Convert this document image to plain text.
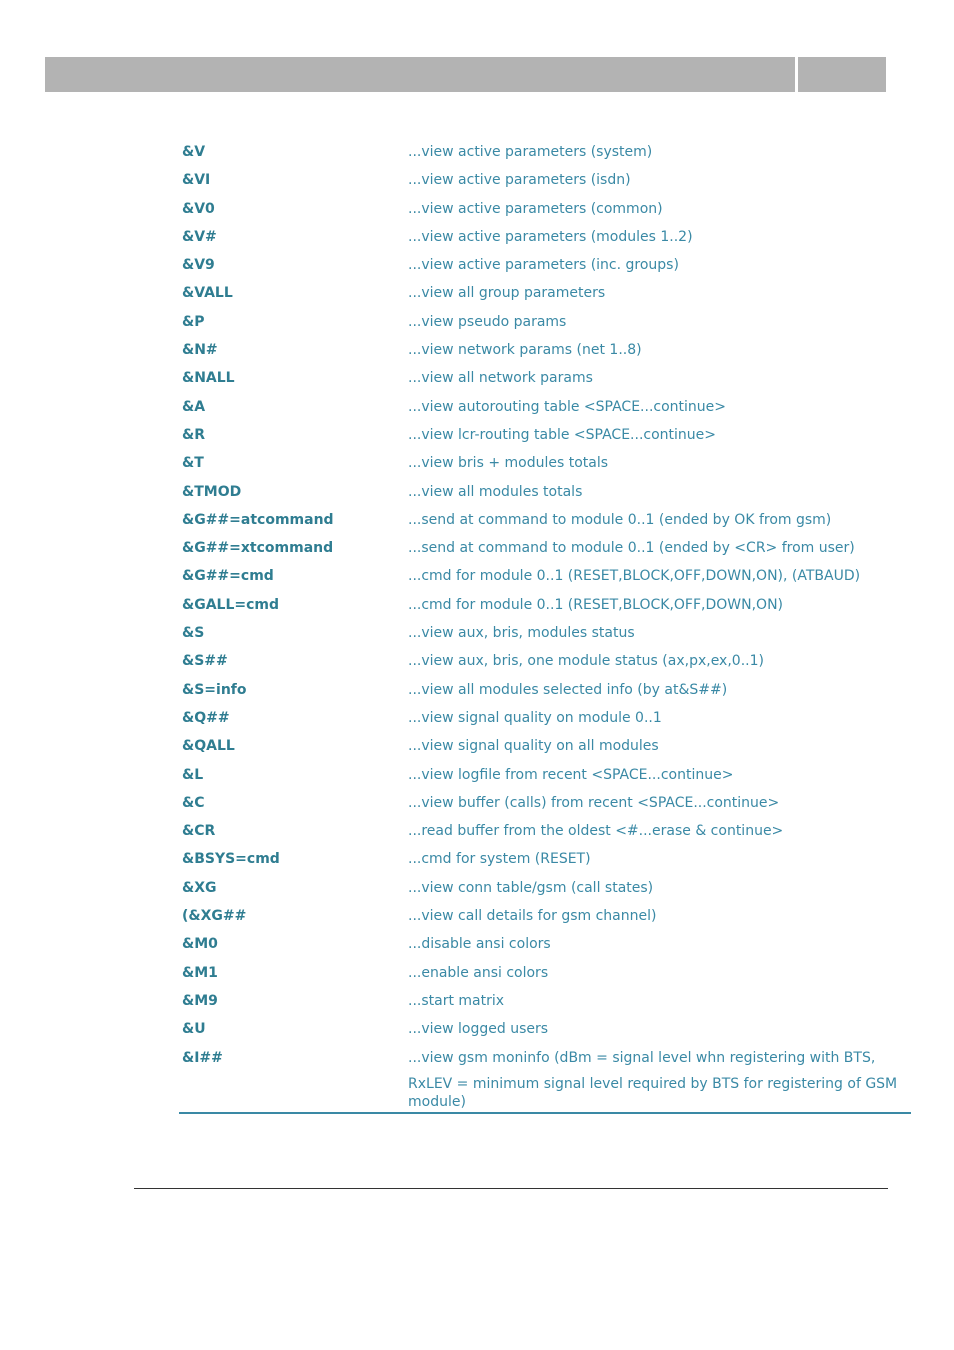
&V	...view active parameters (system)
&VI	...view active parameters (isdn)
&V0	...view active parameters (common)
&V#	...view active parameters (modules 1..2)
&V9	...view active parameters (inc. groups)
&VALL	...view all group parameters
&P	...view pseudo params
&N#	...view network params (net 1..8)
&NALL	...view all network params
&A	...view autorouting table <SPACE...continue>
&R	...view lcr-routing table <SPACE...continue>
&T	...view bris + modules totals
&TMOD	...view all modules totals
&G##=atcommand	...send at command to module 0..1 (ended by OK from gsm)
&G##=xtcommand	...send at command to module 0..1 (ended by <CR> from user)
&G##=cmd	...cmd for module 0..1 (RESET,BLOCK,OFF,DOWN,ON), (ATBAUD)
&GALL=cmd	...cmd for module 0..1 (RESET,BLOCK,OFF,DOWN,ON)
&S	...view aux, bris, modules status
&S##	...view aux, bris, one module status (ax,px,ex,0..1)
&S=info	...view all modules selected info (by at&S##)
&Q##	...view signal quality on module 0..1
&QALL	...view signal quality on all modules
&L	...view logfile from recent <SPACE...continue>
&C	...view buffer (calls) from recent <SPACE...continue>
&CR	...read buffer from the oldest <#...erase & continue>
&BSYS=cmd	...cmd for system (RESET)
&XG	...view conn table/gsm (call states)
(&XG##	...view call details for gsm channel)
&M0	...disable ansi colors
&M1	...enable ansi colors
&M9	...start matrix
&U	...view logged users
&I##	...view gsm moninfo (dBm = signal level whn registering with BTS,
RxLEV = minimum signal level required by BTS for registering of GSM module)
